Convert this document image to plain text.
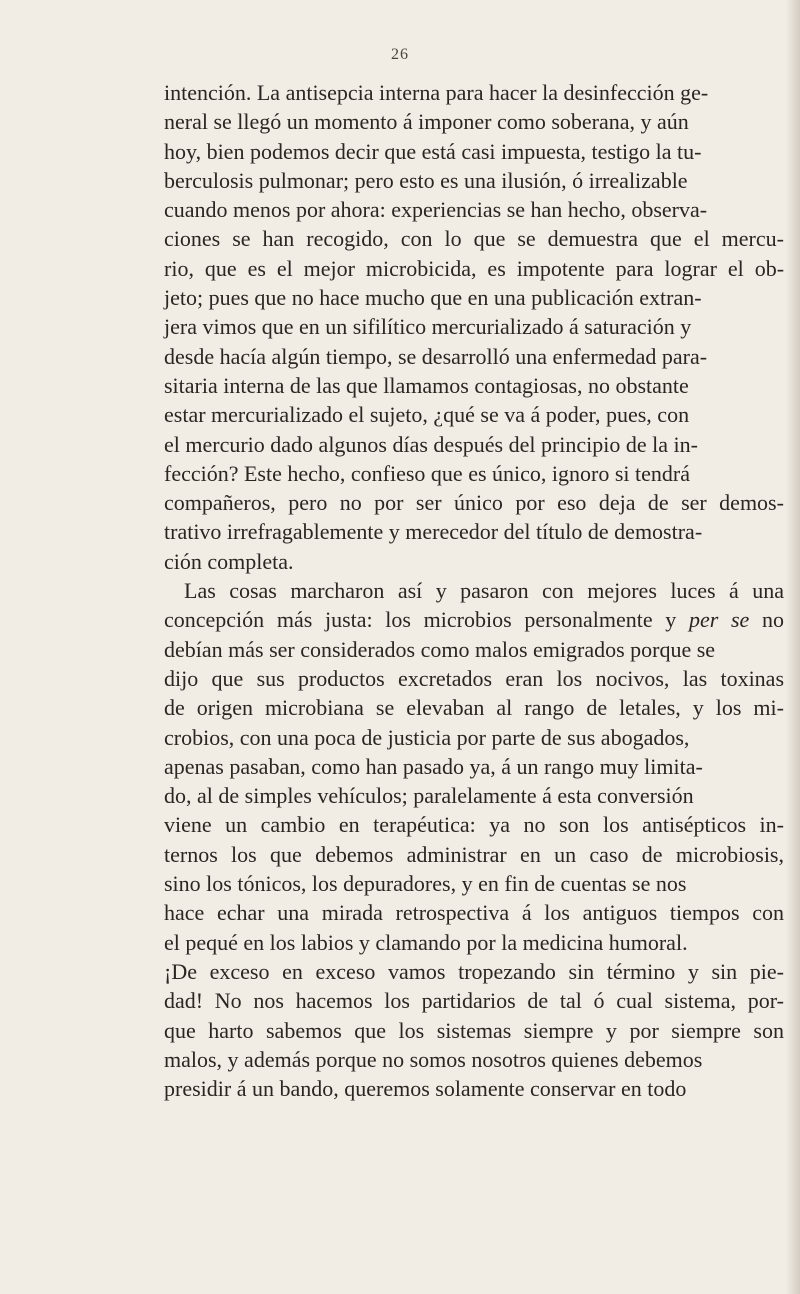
26
intención. La antisepcia interna para hacer la desinfección ge-
neral se llegó un momento á imponer como soberana, y aún
hoy, bien podemos decir que está casi impuesta, testigo la tu-
berculosis pulmonar; pero esto es una ilusión, ó irrealizable
cuando menos por ahora: experiencias se han hecho, observa-
ciones se han recogido, con lo que se demuestra que el mercu-
rio, que es el mejor microbicida, es impotente para lograr el ob-
jeto; pues que no hace mucho que en una publicación extran-
jera vimos que en un sifilítico mercurializado á saturación y
desde hacía algún tiempo, se desarrolló una enfermedad para-
sitaria interna de las que llamamos contagiosas, no obstante
estar mercurializado el sujeto, ¿qué se va á poder, pues, con
el mercurio dado algunos días después del principio de la in-
fección? Este hecho, confieso que es único, ignoro si tendrá
compañeros, pero no por ser único por eso deja de ser demos-
trativo irrefragablemente y merecedor del título de demostra-
ción completa.
Las cosas marcharon así y pasaron con mejores luces á una
concepción más justa: los microbios personalmente y per se no
debían más ser considerados como malos emigrados porque se
dijo que sus productos excretados eran los nocivos, las toxinas
de origen microbiana se elevaban al rango de letales, y los mi-
crobios, con una poca de justicia por parte de sus abogados,
apenas pasaban, como han pasado ya, á un rango muy limita-
do, al de simples vehículos; paralelamente á esta conversión
viene un cambio en terapéutica: ya no son los antisépticos in-
ternos los que debemos administrar en un caso de microbiosis,
sino los tónicos, los depuradores, y en fin de cuentas se nos
hace echar una mirada retrospectiva á los antiguos tiempos con
el pequé en los labios y clamando por la medicina humoral.
¡De exceso en exceso vamos tropezando sin término y sin pie-
dad! No nos hacemos los partidarios de tal ó cual sistema, por-
que harto sabemos que los sistemas siempre y por siempre son
malos, y además porque no somos nosotros quienes debemos
presidir á un bando, queremos solamente conservar en todo
